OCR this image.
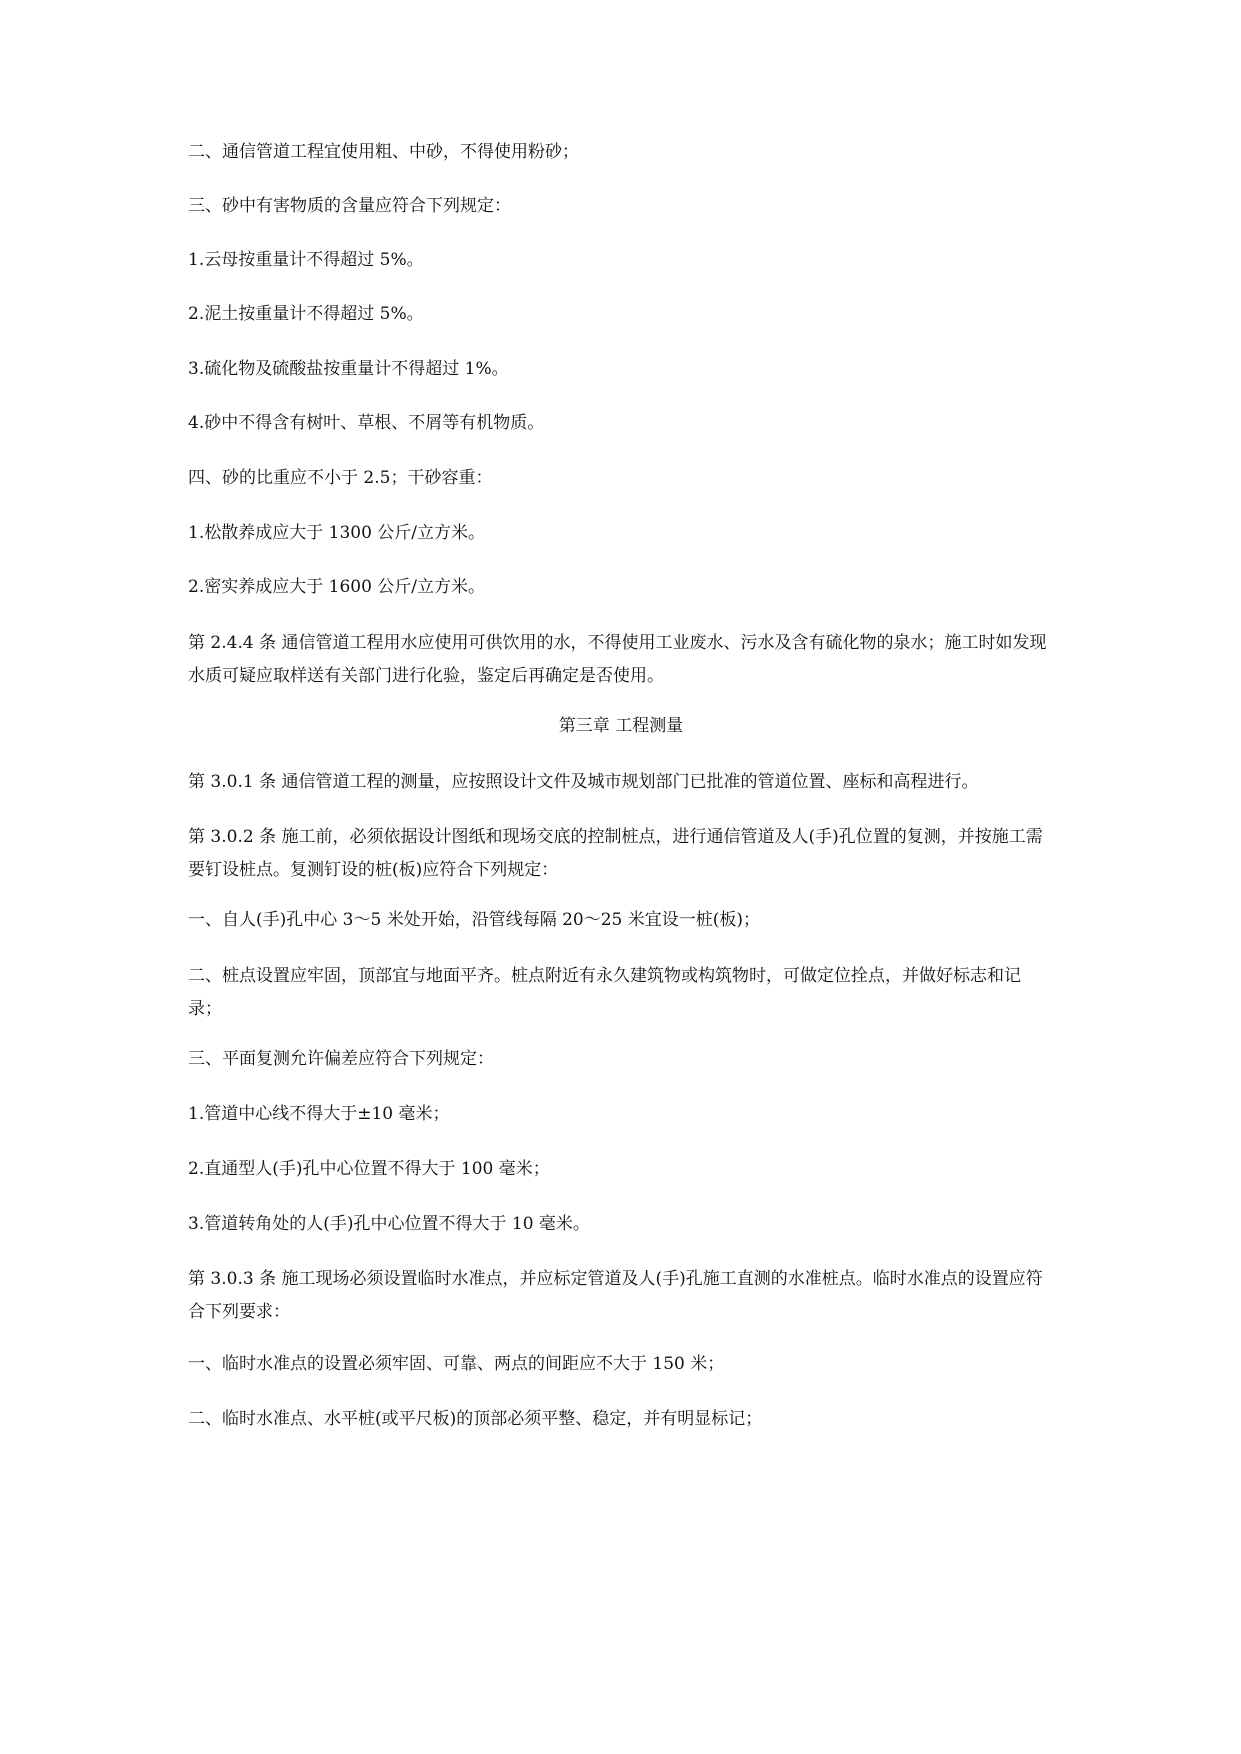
二、通信管道工程宜使用粗、中砂，不得使用粉砂；

三、砂中有害物质的含量应符合下列规定：

1.云母按重量计不得超过 5%。

2.泥土按重量计不得超过 5%。

3.硫化物及硫酸盐按重量计不得超过 1%。

4.砂中不得含有树叶、草根、不屑等有机物质。

四、砂的比重应不小于 2.5；干砂容重：

1.松散养成应大于 1300 公斤/立方米。

2.密实养成应大于 1600 公斤/立方米。

第 2.4.4 条 通信管道工程用水应使用可供饮用的水，不得使用工业废水、污水及含有硫化物的泉水；施工时如发现水质可疑应取样送有关部门进行化验，鉴定后再确定是否使用。

第三章 工程测量

第 3.0.1 条 通信管道工程的测量，应按照设计文件及城市规划部门已批准的管道位置、座标和高程进行。

第 3.0.2 条 施工前，必须依据设计图纸和现场交底的控制桩点，进行通信管道及人(手)孔位置的复测，并按施工需要钉设桩点。复测钉设的桩(板)应符合下列规定：

一、自人(手)孔中心 3～5 米处开始，沿管线每隔 20～25 米宜设一桩(板)；

二、桩点设置应牢固，顶部宜与地面平齐。桩点附近有永久建筑物或构筑物时，可做定位拴点，并做好标志和记录；

三、平面复测允许偏差应符合下列规定：

1.管道中心线不得大于±10 毫米；

2.直通型人(手)孔中心位置不得大于 100 毫米；

3.管道转角处的人(手)孔中心位置不得大于 10 毫米。

第 3.0.3 条 施工现场必须设置临时水准点，并应标定管道及人(手)孔施工直测的水准桩点。临时水准点的设置应符合下列要求：

一、临时水准点的设置必须牢固、可靠、两点的间距应不大于 150 米；

二、临时水准点、水平桩(或平尺板)的顶部必须平整、稳定，并有明显标记；
